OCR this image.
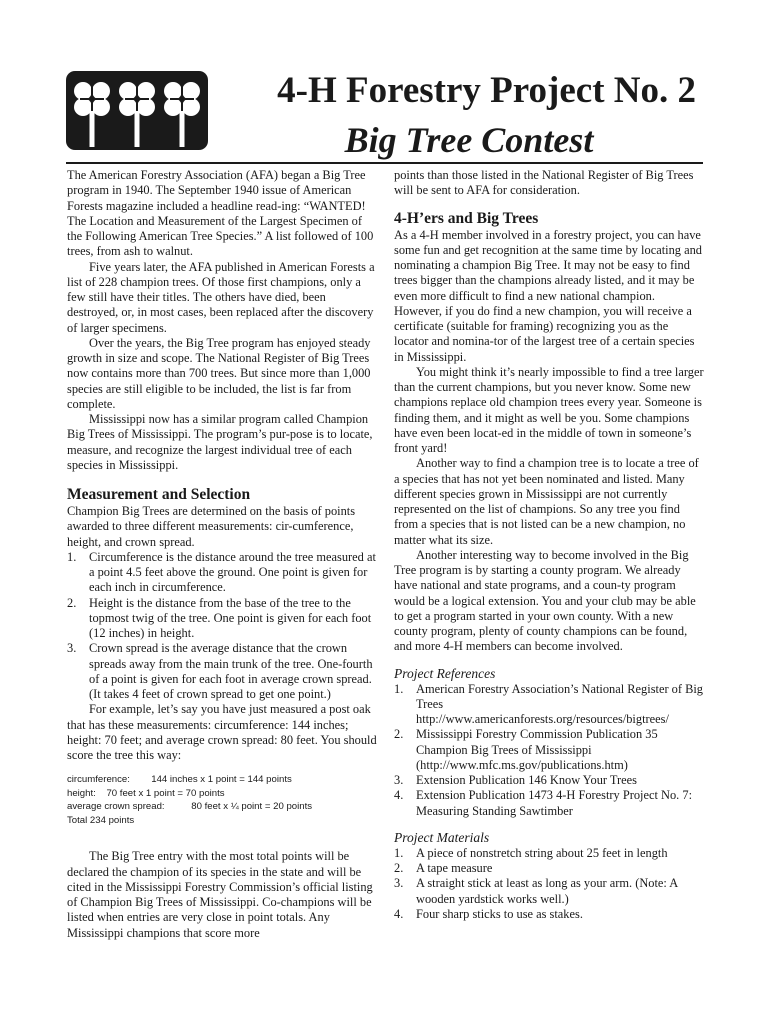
4-H Forestry Project No. 2
Big Tree Contest

The American Forestry Association (AFA) began a Big Tree program in 1940. The September 1940 issue of American Forests magazine included a headline read-ing: “WANTED! The Location and Measurement of the Largest Specimen of the Following American Tree Species.” A list followed of 100 trees, from ash to walnut.

Five years later, the AFA published in American Forests a list of 228 champion trees. Of those first champions, only a few still have their titles. The others have died, been destroyed, or, in most cases, been replaced after the discovery of larger specimens.

Over the years, the Big Tree program has enjoyed steady growth in size and scope. The National Register of Big Trees now contains more than 700 trees. But since more than 1,000 species are still eligible to be included, the list is far from complete.

Mississippi now has a similar program called Champion Big Trees of Mississippi. The program’s pur-pose is to locate, measure, and recognize the largest individual tree of each species in Mississippi.

Measurement and Selection

Champion Big Trees are determined on the basis of points awarded to three different measurements: cir-cumference, height, and crown spread.

1. Circumference is the distance around the tree measured at a point 4.5 feet above the ground. One point is given for each inch in circumference.
2. Height is the distance from the base of the tree to the topmost twig of the tree. One point is given for each foot (12 inches) in height.
3. Crown spread is the average distance that the crown spreads away from the main trunk of the tree. One-fourth of a point is given for each foot in average crown spread. (It takes 4 feet of crown spread to get one point.)

For example, let’s say you have just measured a post oak that has these measurements: circumference: 144 inches; height: 70 feet; and average crown spread: 80 feet. You should score the tree this way:

circumference:        144 inches x 1 point = 144 points
height:    70 feet x 1 point = 70 points
average crown spread:          80 feet x ¼ point = 20 points
Total 234 points

The Big Tree entry with the most total points will be declared the champion of its species in the state and will be cited in the Mississippi Forestry Commission’s official listing of Champion Big Trees of Mississippi. Co-champions will be listed when entries are very close in point totals. Any Mississippi champions that score more

points than those listed in the National Register of Big Trees will be sent to AFA for consideration.

4-H’ers and Big Trees

As a 4-H member involved in a forestry project, you can have some fun and get recognition at the same time by locating and nominating a champion Big Tree. It may not be easy to find trees bigger than the champions already listed, and it may be even more difficult to find a new national champion. However, if you do find a new champion, you will receive a certificate (suitable for framing) recognizing you as the locator and nomina-tor of the largest tree of a certain species in Mississippi.

You might think it’s nearly impossible to find a tree larger than the current champions, but you never know. Some new champions replace old champion trees every year. Someone is finding them, and it might as well be you. Some champions have even been locat-ed in the middle of town in someone’s front yard!

Another way to find a champion tree is to locate a tree of a species that has not yet been nominated and listed. Many different species grown in Mississippi are not currently represented on the list of champions. So any tree you find from a species that is not listed can be a new champion, no matter what its size.

Another interesting way to become involved in the Big Tree program is by starting a county program. We already have national and state programs, and a coun-ty program would be a logical extension. You and your club may be able to get a program started in your own county. With a new county program, plenty of county champions can be found, and more 4-H members can become involved.

Project References
1. American Forestry Association’s National Register of Big Trees
http://www.americanforests.org/resources/bigtrees/
2. Mississippi Forestry Commission Publication 35 Champion Big Trees of Mississippi
(http://www.mfc.ms.gov/publications.htm)
3. Extension Publication 146 Know Your Trees
4. Extension Publication 1473 4-H Forestry Project No. 7: Measuring Standing Sawtimber
Project Materials
1. A piece of nonstretch string about 25 feet in length
2. A tape measure
3. A straight stick at least as long as your arm. (Note: A wooden yardstick works well.)
4. Four sharp sticks to use as stakes.
